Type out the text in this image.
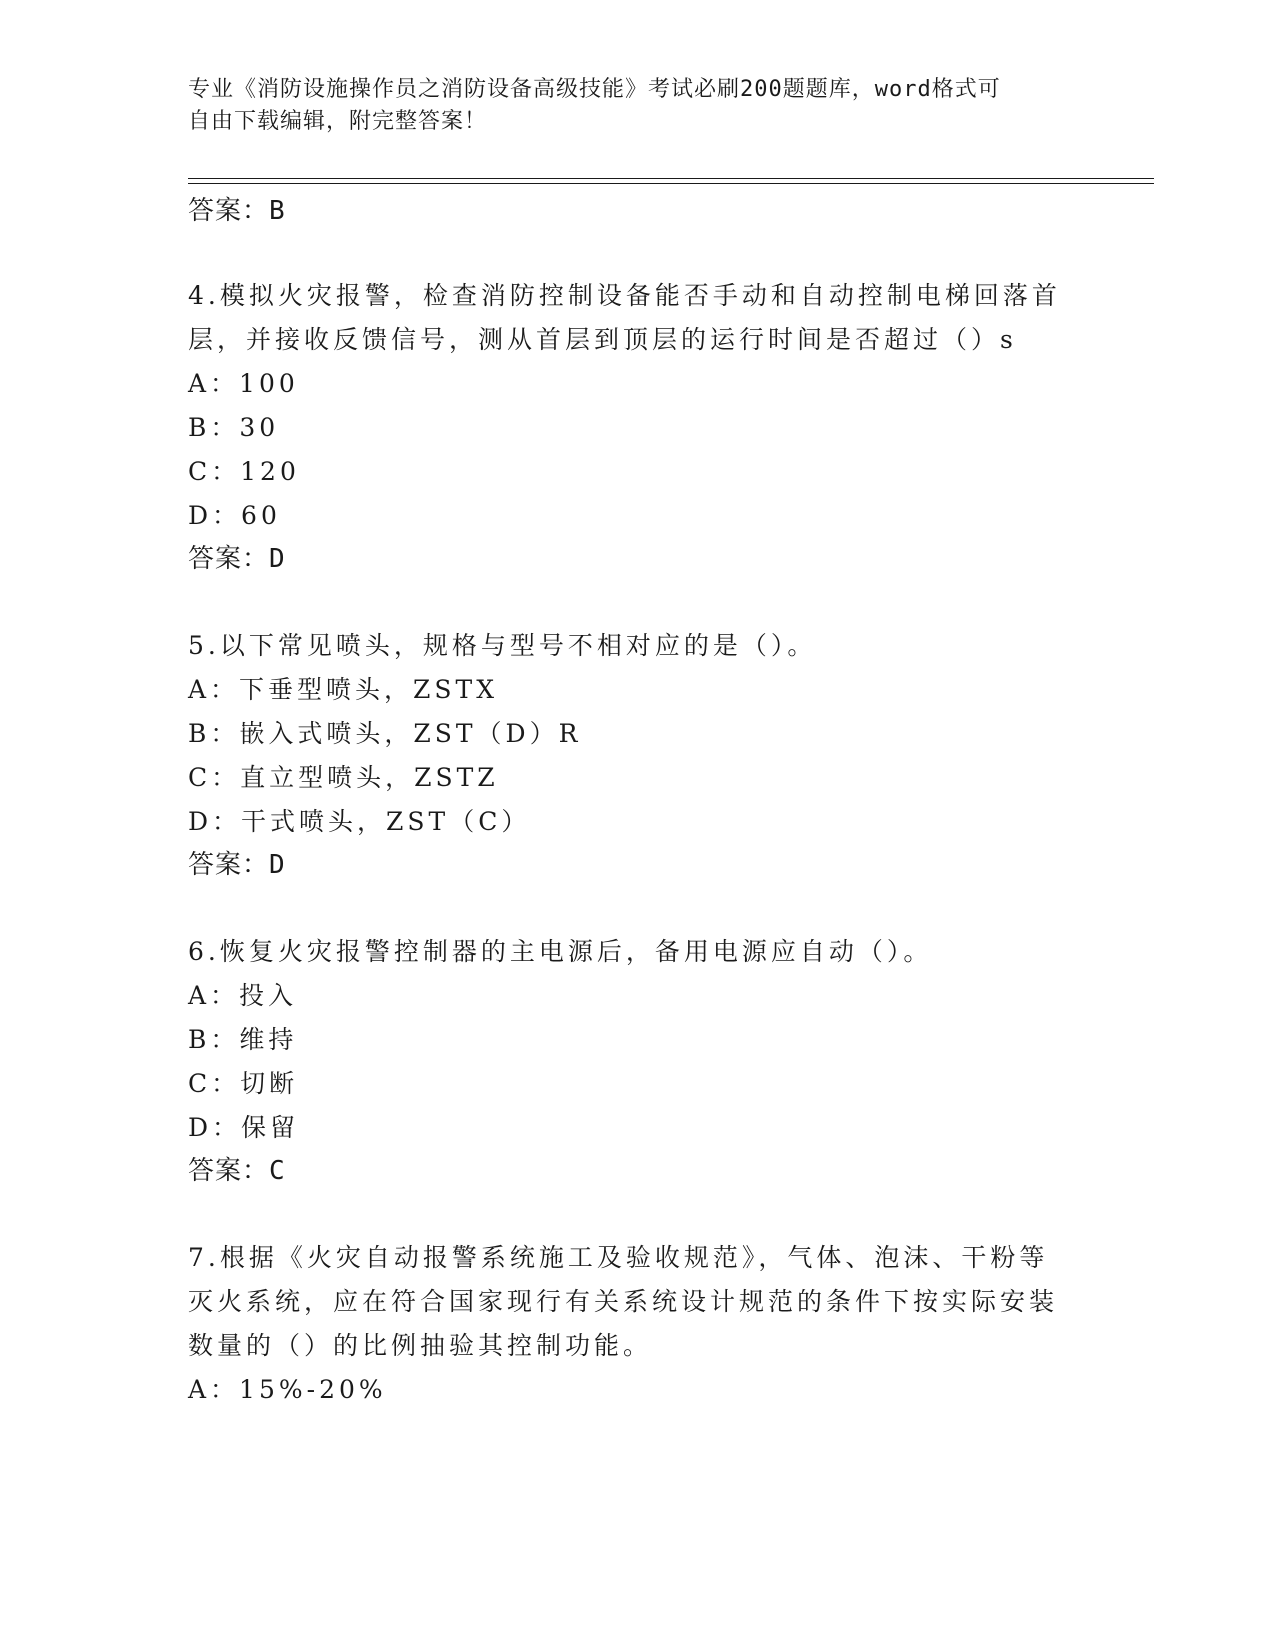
专业《消防设施操作员之消防设备高级技能》考试必刷200题题库，word格式可
自由下载编辑，附完整答案！
答案：B
4.模拟火灾报警，检查消防控制设备能否手动和自动控制电梯回落首
层，并接收反馈信号，测从首层到顶层的运行时间是否超过（）s
A：100
B：30
C：120
D：60
答案：D
5.以下常见喷头，规格与型号不相对应的是（）。
A：下垂型喷头，ZSTX
B：嵌入式喷头，ZST（D）R
C：直立型喷头，ZSTZ
D：干式喷头，ZST（C）
答案：D
6.恢复火灾报警控制器的主电源后，备用电源应自动（）。
A：投入
B：维持
C：切断
D：保留
答案：C
7.根据《火灾自动报警系统施工及验收规范》，气体、泡沫、干粉等
灭火系统，应在符合国家现行有关系统设计规范的条件下按实际安装
数量的（）的比例抽验其控制功能。
A：15%-20%
